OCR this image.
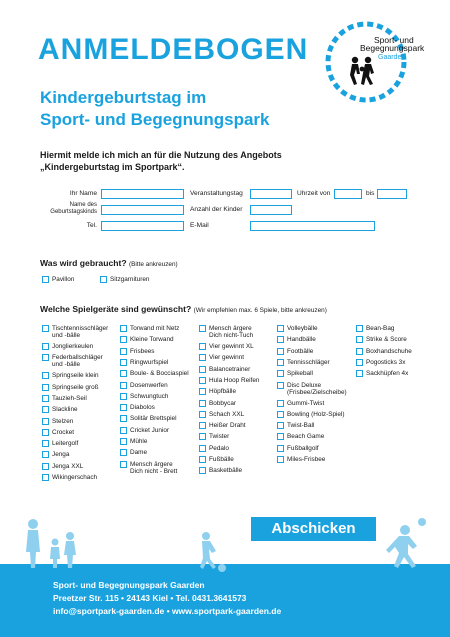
ANMELDEBOGEN
Kindergeburtstag im
Sport- und Begegnungspark
Sport- und
Begegnungspark
Gaarden
Hiermit melde ich mich an für die Nutzung des Angebots
„Kindergeburtstag im Sportpark“.
Ihr Name
Name des
Geburtstagskinds
Tel.
Veranstaltungstag
Anzahl der Kinder
E-Mail
Uhrzeit von	bis
Was wird gebraucht? (Bitte ankreuzen)
Pavillon	Sitzgarnituren
Welche Spielgeräte sind gewünscht? (Wir empfehlen max. 6 Spiele, bitte ankreuzen)
Tischtennisschläger
und -bälle
Jonglierkeulen
Federballschläger
und -bälle
Springseile klein
Springseile groß
Tauzieh-Seil
Slackline
Stelzen
Crocket
Leitergolf
Jenga
Jenga XXL
Wikingerschach
Torwand mit Netz
Kleine Torwand
Frisbees
Ringwurfspiel
Boule- & Bocciaspiel
Dosenwerfen
Schwungtuch
Diabolos
Solitär Brettspiel
Cricket Junior
Mühle
Dame
Mensch ärgere
Dich nicht - Brett
Mensch ärgere
Dich nicht-Tuch
Vier gewinnt XL
Vier gewinnt
Balancetrainer
Hula Hoop Reifen
Höpfbälle
Bobbycar
Schach XXL
Heißer Draht
Twister
Pedalo
Fußbälle
Basketbälle
Volleybälle
Handbälle
Footbälle
Tennisschläger
Spikeball
Disc Deluxe
(Frisbee/Zielscheibe)
Gummi-Twist
Bowling (Holz-Spiel)
Twist-Ball
Beach Game
Fußballgolf
Miles-Frisbee
Bean-Bag
Strike & Score
Boxhandschuhe
Pogosticks 3x
Sackhüpfen 4x
Abschicken
Sport- und Begegnungspark Gaarden
Preetzer Str. 115 • 24143 Kiel • Tel. 0431.3641573
info@sportpark-gaarden.de • www.sportpark-gaarden.de
